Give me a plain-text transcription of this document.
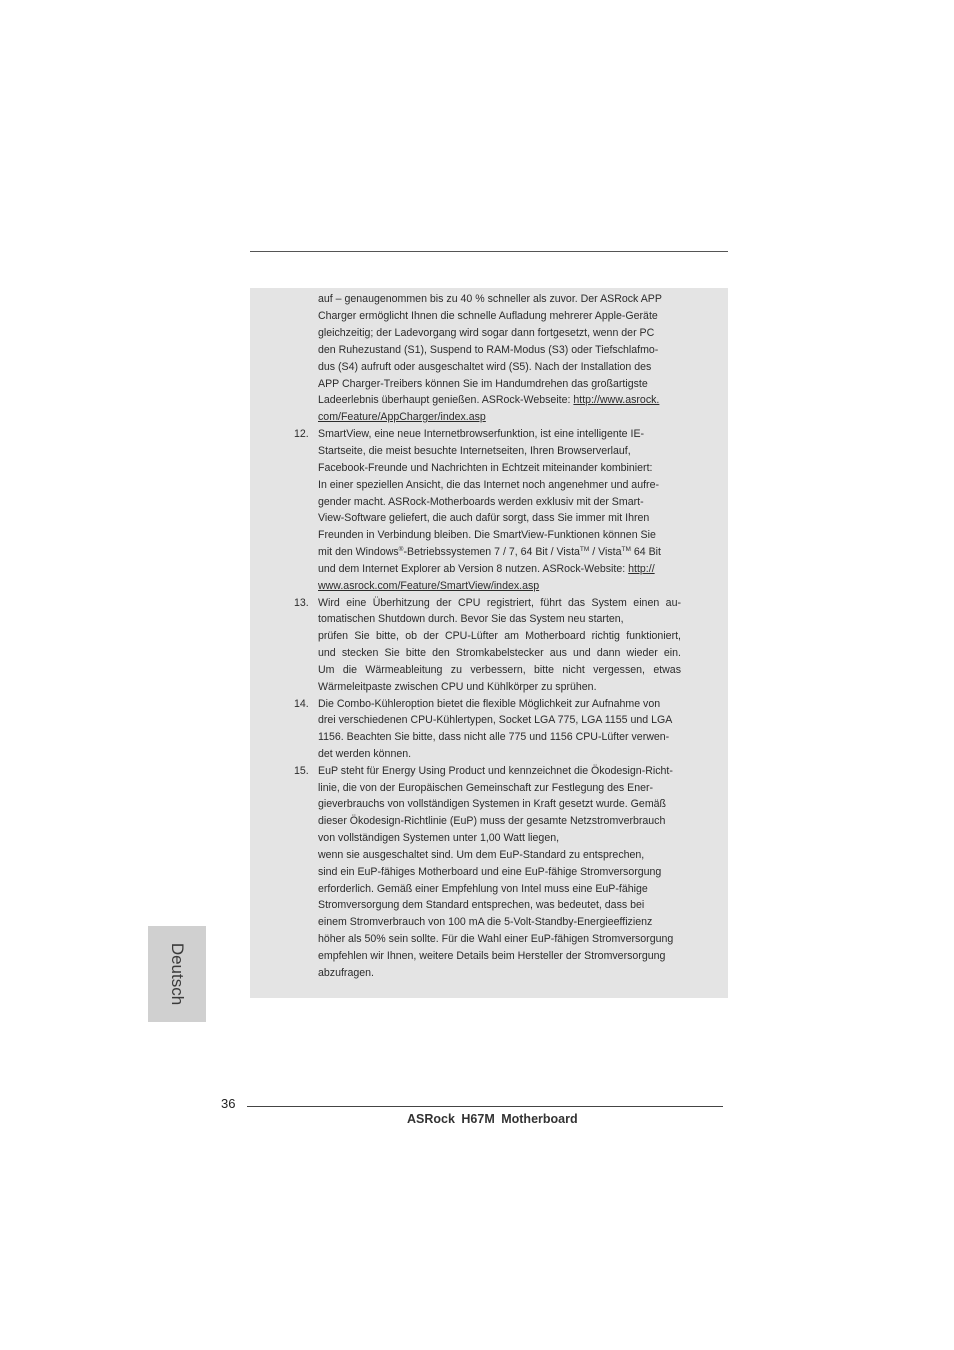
auf – genaugenommen bis zu 40 % schneller als zuvor. Der ASRock APP
Charger ermöglicht Ihnen die schnelle Aufladung mehrerer Apple-Geräte
gleichzeitig; der Ladevorgang wird sogar dann fortgesetzt, wenn der PC
den Ruhezustand (S1), Suspend to RAM-Modus (S3) oder Tiefschlafmo-
dus (S4) aufruft oder ausgeschaltet wird (S5). Nach der Installation des
APP Charger-Treibers können Sie im Handumdrehen das großartigste
Ladeerlebnis überhaupt genießen. ASRock-Webseite: http://www.asrock.
com/Feature/AppCharger/index.asp
12. SmartView, eine neue Internetbrowserfunktion, ist eine intelligente IE-
Startseite, die meist besuchte Internetseiten, Ihren Browserverlauf,
Facebook-Freunde und Nachrichten in Echtzeit miteinander kombiniert:
In einer speziellen Ansicht, die das Internet noch angenehmer und aufre-
gender macht. ASRock-Motherboards werden exklusiv mit der Smart-
View-Software geliefert, die auch dafür sorgt, dass Sie immer mit Ihren
Freunden in Verbindung bleiben. Die SmartView-Funktionen können Sie
mit den Windows®-Betriebssystemen 7 / 7, 64 Bit / Vista™ / Vista™ 64 Bit
und dem Internet Explorer ab Version 8 nutzen. ASRock-Website: http://
www.asrock.com/Feature/SmartView/index.asp
13. Wird eine Überhitzung der CPU registriert, führt das System einen au-
tomatischen Shutdown durch. Bevor Sie das System neu starten,
prüfen Sie bitte, ob der CPU-Lüfter am Motherboard richtig funktioniert,
und stecken Sie bitte den Stromkabelstecker aus und dann wieder ein.
Um die Wärmeableitung zu verbessern, bitte nicht vergessen, etwas
Wärmeleitpaste zwischen CPU und Kühlkörper zu sprühen.
14. Die Combo-Kühleroption bietet die flexible Möglichkeit zur Aufnahme von
drei verschiedenen CPU-Kühlertypen, Socket LGA 775, LGA 1155 und LGA
1156. Beachten Sie bitte, dass nicht alle 775 und 1156 CPU-Lüfter verwen-
det werden können.
15. EuP steht für Energy Using Product und kennzeichnet die Ökodesign-Richt-
linie, die von der Europäischen Gemeinschaft zur Festlegung des Ener-
gieverbrauchs von vollständigen Systemen in Kraft gesetzt wurde. Gemäß
dieser Ökodesign-Richtlinie (EuP) muss der gesamte Netzstromverbrauch
von vollständigen Systemen unter 1,00 Watt liegen,
wenn sie ausgeschaltet sind. Um dem EuP-Standard zu entsprechen,
sind ein EuP-fähiges Motherboard und eine EuP-fähige Stromversorgung
erforderlich. Gemäß einer Empfehlung von Intel muss eine EuP-fähige
Stromversorgung dem Standard entsprechen, was bedeutet, dass bei
einem Stromverbrauch von 100 mA die 5-Volt-Standby-Energieeffizienz
höher als 50% sein sollte. Für die Wahl einer EuP-fähigen Stromversorgung
empfehlen wir Ihnen, weitere Details beim Hersteller der Stromversorgung
abzufragen.
Deutsch
36
ASRock H67M Motherboard
